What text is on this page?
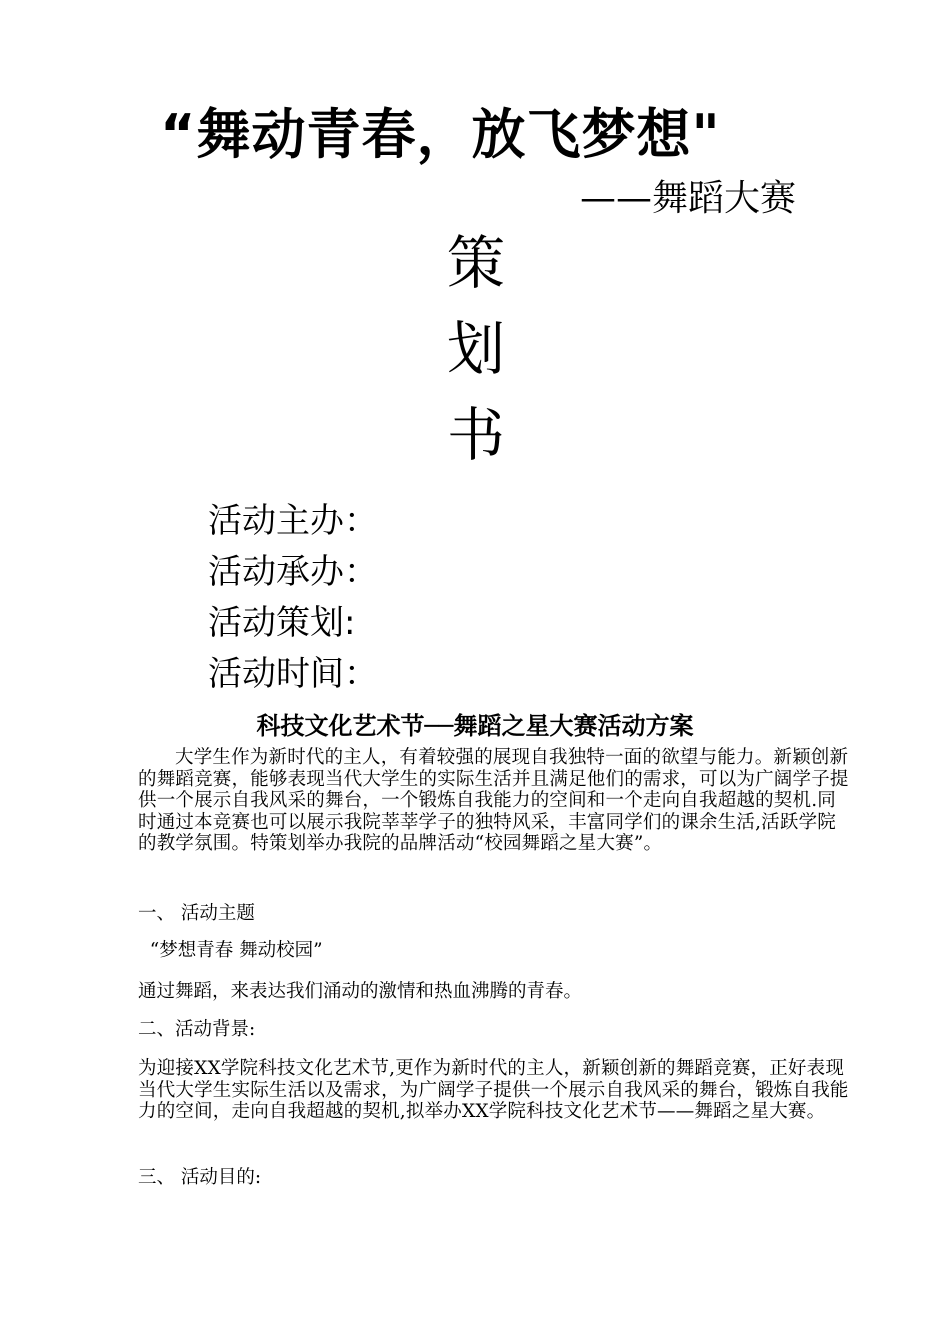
“舞动青春，放飞梦想"
——舞蹈大赛
策
划
书
活动主办：
活动承办：
活动策划:
活动时间：
科技文化艺术节──舞蹈之星大赛活动方案
大学生作为新时代的主人，有着较强的展现自我独特一面的欲望与能力。新颖创新的舞蹈竞赛，能够表现当代大学生的实际生活并且满足他们的需求，可以为广阔学子提供一个展示自我风采的舞台，一个锻炼自我能力的空间和一个走向自我超越的契机.同时通过本竞赛也可以展示我院莘莘学子的独特风采，丰富同学们的课余生活,活跃学院的教学氛围。特策划举办我院的品牌活动“校园舞蹈之星大赛”。
一、 活动主题
“梦想青春 舞动校园”
通过舞蹈，来表达我们涌动的激情和热血沸腾的青春。
二、活动背景:
为迎接XX学院科技文化艺术节,更作为新时代的主人，新颖创新的舞蹈竞赛，正好表现当代大学生实际生活以及需求，为广阔学子提供一个展示自我风采的舞台，锻炼自我能力的空间，走向自我超越的契机,拟举办XX学院科技文化艺术节——舞蹈之星大赛。
三、 活动目的:
